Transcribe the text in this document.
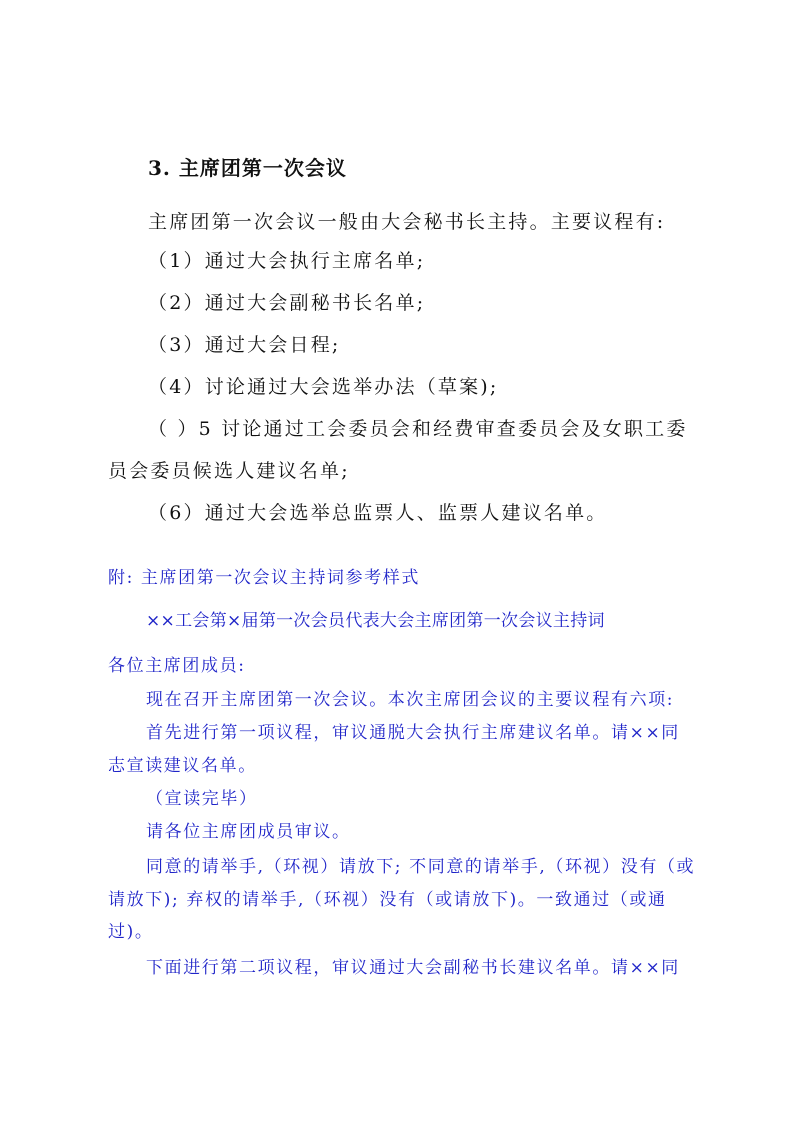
3. 主席团第一次会议

主席团第一次会议一般由大会秘书长主持。主要议程有:

（1）通过大会执行主席名单;

（2）通过大会副秘书长名单;

（3）通过大会日程;

（4）讨论通过大会选举办法（草案);

（ ）5 讨论通过工会委员会和经费审查委员会及女职工委

员会委员候选人建议名单;

（6）通过大会选举总监票人、监票人建议名单。

附: 主席团第一次会议主持词参考样式

××工会第×届第一次会员代表大会主席团第一次会议主持词

各位主席团成员:

现在召开主席团第一次会议。本次主席团会议的主要议程有六项:

首先进行第一项议程，审议通脱大会执行主席建议名单。请××同

志宣读建议名单。

（宣读完毕）

请各位主席团成员审议。

同意的请举手,（环视）请放下; 不同意的请举手,（环视）没有（或

请放下); 弃权的请举手,（环视）没有（或请放下)。一致通过（或通

过)。

下面进行第二项议程，审议通过大会副秘书长建议名单。请××同
